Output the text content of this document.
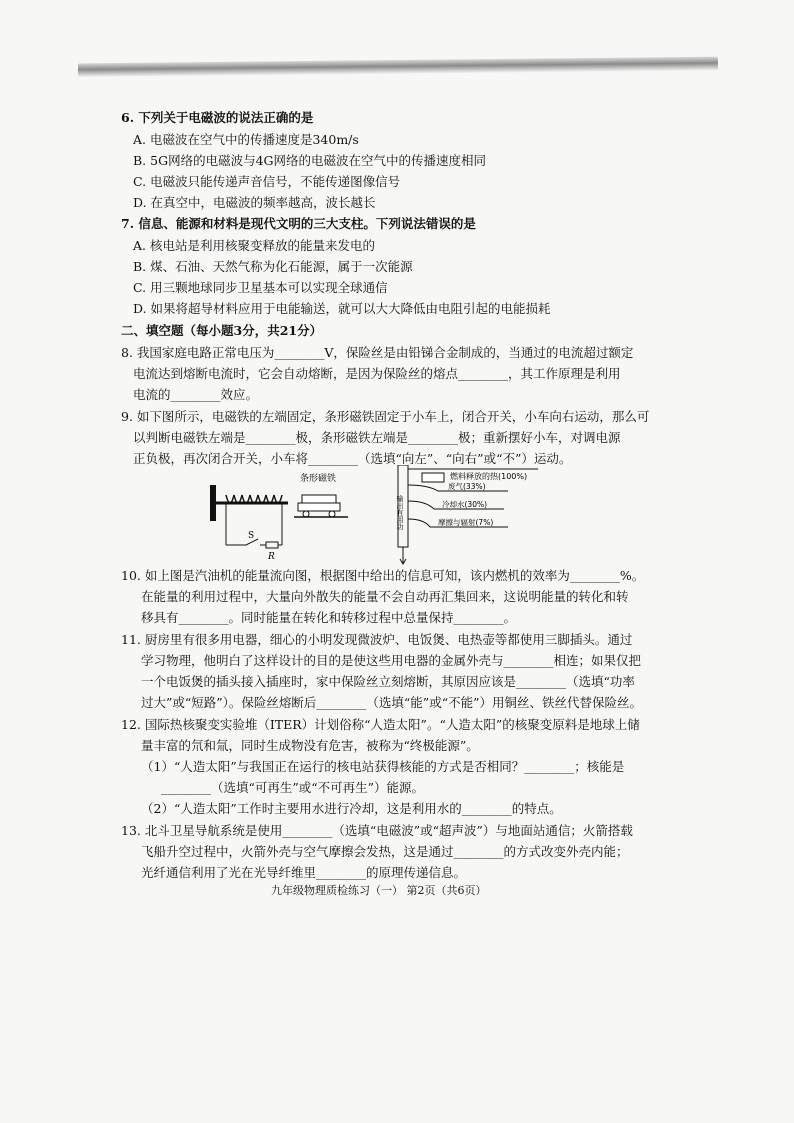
6. 下列关于电磁波的说法正确的是
A. 电磁波在空气中的传播速度是340m/s
B. 5G网络的电磁波与4G网络的电磁波在空气中的传播速度相同
C. 电磁波只能传递声音信号，不能传递图像信号
D. 在真空中，电磁波的频率越高，波长越长
7. 信息、能源和材料是现代文明的三大支柱。下列说法错误的是
A. 核电站是利用核聚变释放的能量来发电的
B. 煤、石油、天然气称为化石能源，属于一次能源
C. 用三颗地球同步卫星基本可以实现全球通信
D. 如果将超导材料应用于电能输送，就可以大大降低由电阻引起的电能损耗
二、填空题（每小题3分，共21分）
8. 我国家庭电路正常电压为________V，保险丝是由铅锑合金制成的，当通过的电流超过额定
电流达到熔断电流时，它会自动熔断，是因为保险丝的熔点________，其工作原理是利用
电流的________效应。
9. 如下图所示，电磁铁的左端固定，条形磁铁固定于小车上，闭合开关，小车向右运动，那么可
以判断电磁铁左端是________极，条形磁铁左端是________极；重新摆好小车，对调电源
正负极，再次闭合开关，小车将________（选填“向左”、“向右”或“不”）运动。
S
R
条形磁铁
输出有用功
燃料释放的热(100%)
废气(33%)
冷却水(30%)
摩擦与辐射(7%)
10. 如上图是汽油机的能量流向图，根据图中给出的信息可知，该内燃机的效率为________%。
在能量的利用过程中，大量向外散失的能量不会自动再汇集回来，这说明能量的转化和转
移具有________。同时能量在转化和转移过程中总量保持________。
11. 厨房里有很多用电器，细心的小明发现微波炉、电饭煲、电热壶等都使用三脚插头。通过
学习物理，他明白了这样设计的目的是使这些用电器的金属外壳与________相连；如果仅把
一个电饭煲的插头接入插座时，家中保险丝立刻熔断，其原因应该是________（选填“功率
过大”或“短路”）。保险丝熔断后________（选填“能”或“不能”）用铜丝、铁丝代替保险丝。
12. 国际热核聚变实验堆（ITER）计划俗称“人造太阳”。“人造太阳”的核聚变原料是地球上储
量丰富的氘和氚，同时生成物没有危害，被称为“终极能源”。
（1）“人造太阳”与我国正在运行的核电站获得核能的方式是否相同？________；核能是
________（选填“可再生”或“不可再生”）能源。
（2）“人造太阳”工作时主要用水进行冷却，这是利用水的________的特点。
13. 北斗卫星导航系统是使用________（选填“电磁波”或“超声波”）与地面站通信；火箭搭载
飞船升空过程中，火箭外壳与空气摩擦会发热，这是通过________的方式改变外壳内能；
光纤通信利用了光在光导纤维里________的原理传递信息。
九年级物理质检练习（一） 第2页（共6页）
